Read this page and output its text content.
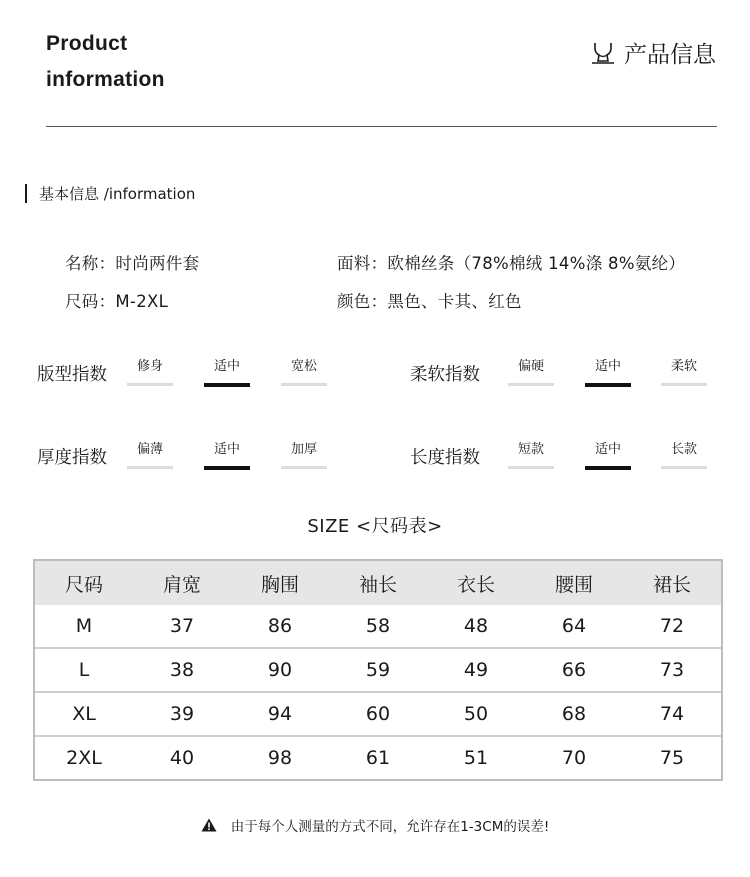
Product
information
产品信息
基本信息 /information
名称：时尚两件套	面料：欧棉丝条（78%棉绒 14%涤 8%氨纶）
尺码：M-2XL	颜色：黑色、卡其、红色
版型指数	修身	适中	宽松	柔软指数	偏硬	适中	柔软
厚度指数	偏薄	适中	加厚	长度指数	短款	适中	长款
SIZE <尺码表>
尺码	肩宽	胸围	袖长	衣长	腰围	裙长
M	37	86	58	48	64	72
L	38	90	59	49	66	73
XL	39	94	60	50	68	74
2XL	40	98	61	51	70	75
由于每个人测量的方式不同，允许存在1-3CM的误差!
